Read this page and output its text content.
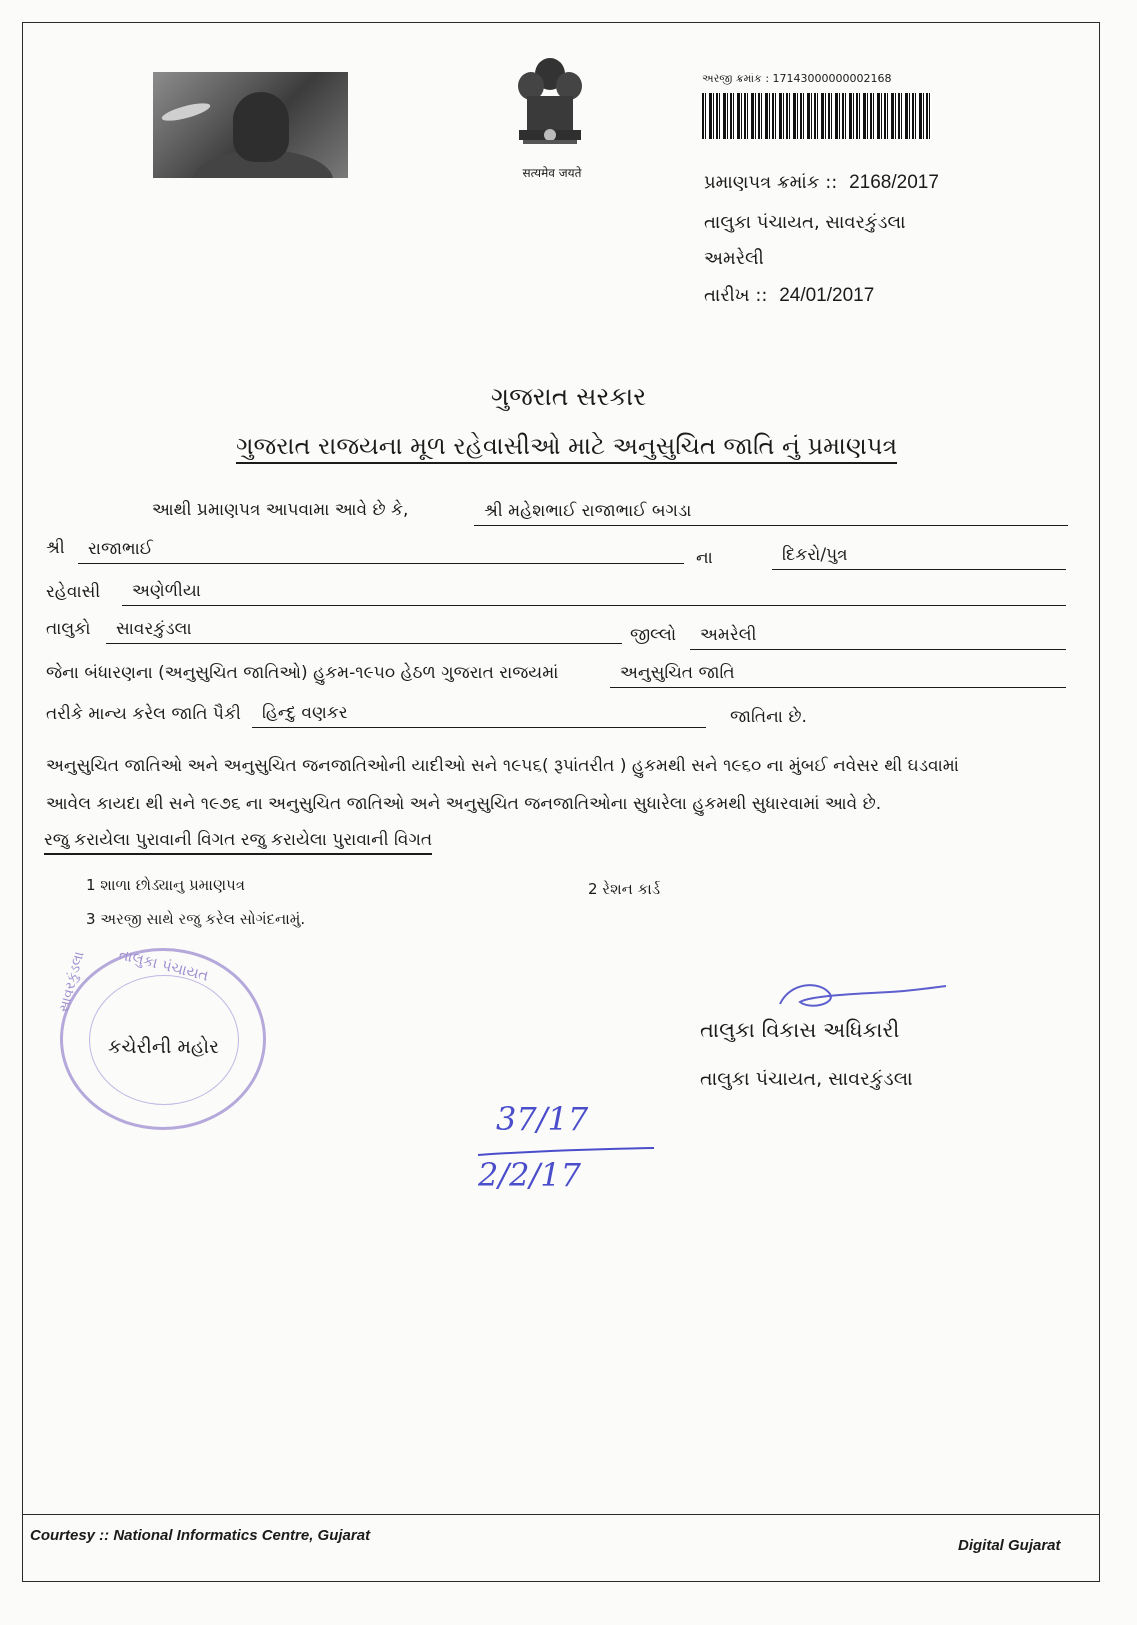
सत्यमेव जयते
અરજી ક્રમાંક : 17143000000002168
પ્રમાણપત્ર ક્રમાંક :: 2168/2017
તાલુકા પંચાયત, સાવરકુંડલા
અમરેલી
તારીખ :: 24/01/2017
ગુજરાત સરકાર
ગુજરાત રાજયના મૂળ રહેવાસીઓ માટે અનુસુચિત જાતિ નું પ્રમાણપત્ર
આથી પ્રમાણપત્ર આપવામા આવે છે કે,	શ્રી મહેશભાઈ રાજાભાઈ બગડા
શ્રી	રાજાભાઈ	ના	દિકરો/પુત્ર
રહેવાસી	અણેળીયા
તાલુકો	સાવરકુંડલા	જીલ્લો	અમરેલી
જેના બંધારણના (અનુસુચિત જાતિઓ) હુકમ-૧૯૫૦ હેઠળ ગુજરાત રાજયમાં	અનુસુચિત જાતિ
તરીકે માન્ય કરેલ જાતિ પૈકી	હિન્દુ વણકર	જાતિના છે.
અનુસુચિત જાતિઓ અને અનુસુચિત જનજાતિઓની યાદીઓ સને ૧૯૫૬( રૂપાંતરીત ) હુકમથી સને ૧૯૬૦ ના મુંબઈ નવેસર થી ઘડવામાં
આવેલ કાયદા થી સને ૧૯૭૬ ના અનુસુચિત જાતિઓ અને અનુસુચિત જનજાતિઓના સુધારેલા હુકમથી સુધારવામાં આવે છે.
રજુ કરાયેલા પુરાવાની વિગત રજુ કરાયેલા પુરાવાની વિગત
1 શાળા છોડ્યાનુ પ્રમાણપત્ર	2 રેશન કાર્ડ
3 અરજી સાથે રજુ કરેલ સોગંદનામું.
તાલુકા પંચાયત
સાવરકુંડલા
કચેરીની મહોર
તાલુકા વિકાસ અધિકારી
તાલુકા પંચાયત, સાવરકુંડલા
37/17
2/2/17
Courtesy :: National Informatics Centre, Gujarat
Digital Gujarat
